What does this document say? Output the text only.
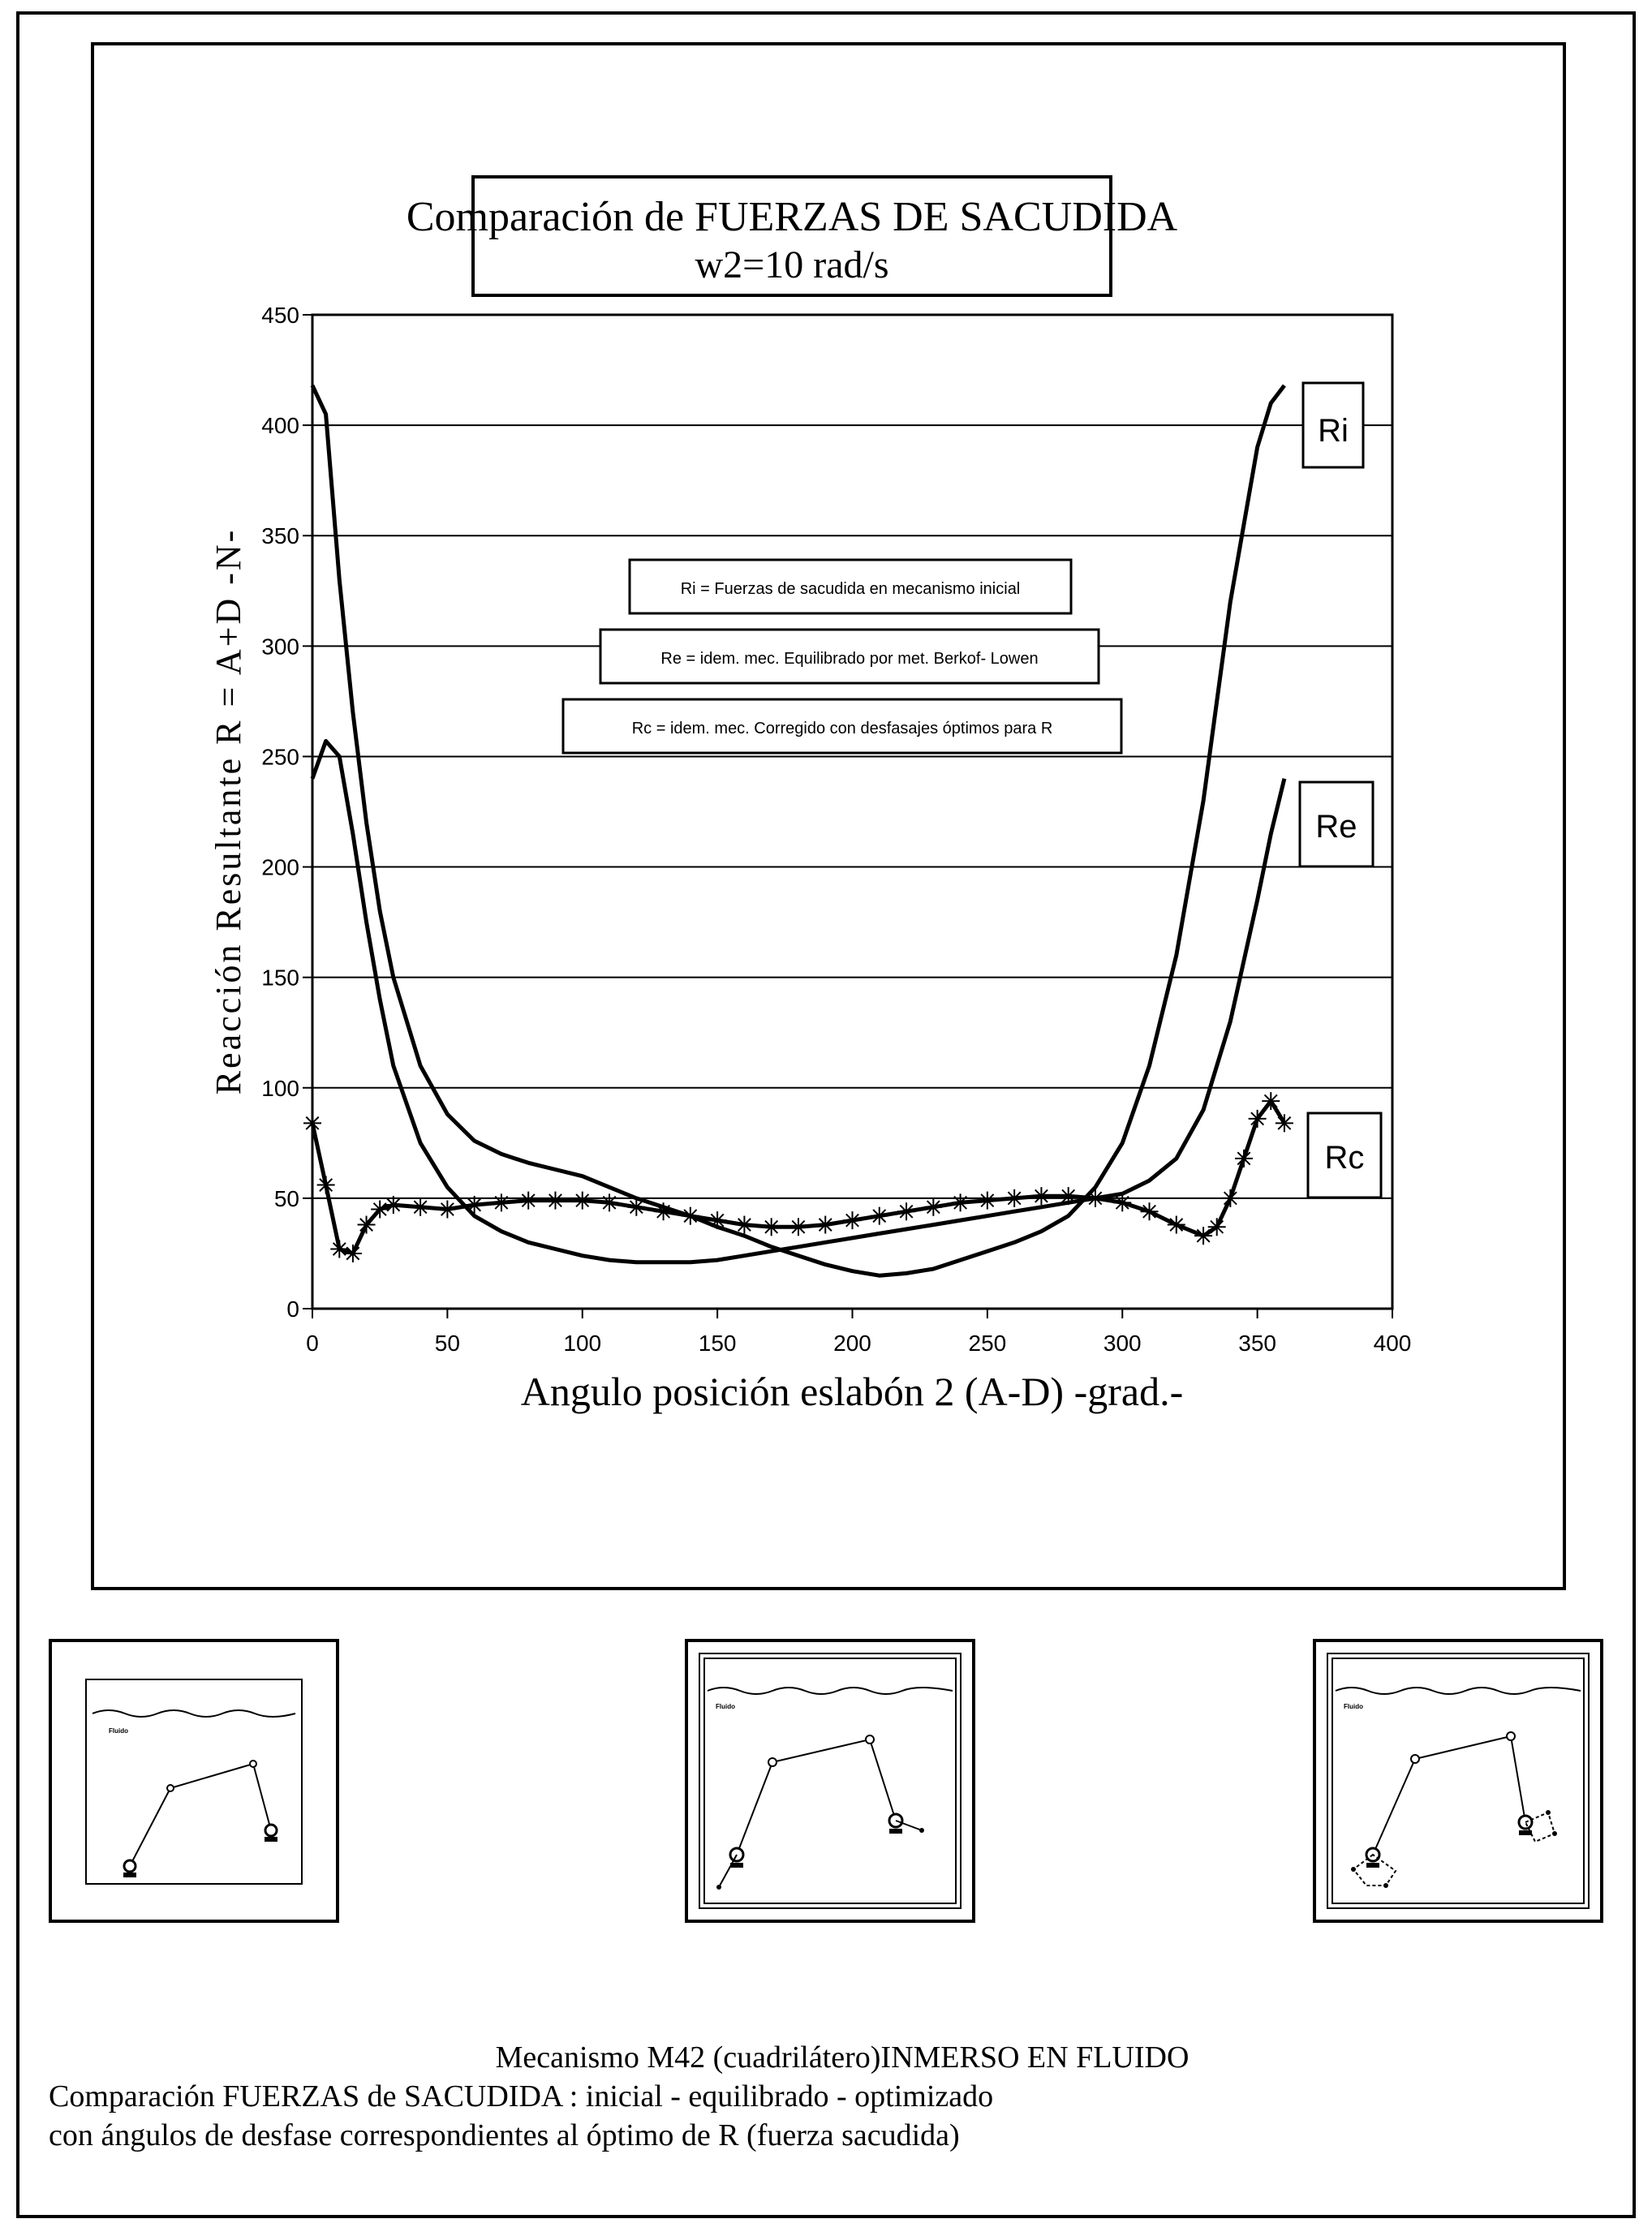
Comparación de FUERZAS DE SACUDIDA
w2=10 rad/s
0
50
100
150
200
250
300
350
400
450
0	50	100	150	200	250	300	350	400
Reacción Resultante R = A+D -N-
Angulo posición eslabón 2 (A-D) -grad.-
Ri = Fuerzas de sacudida en mecanismo inicial
Re = idem. mec. Equilibrado por met. Berkof- Lowen
Rc = idem. mec. Corregido con desfasajes óptimos para R
Ri
Re
Rc
Fluido
Fluido	Fluido
Mecanismo M42 (cuadrilátero)INMERSO EN FLUIDO
Comparación FUERZAS de SACUDIDA : inicial - equilibrado - optimizado
con ángulos de desfase correspondientes al óptimo de R (fuerza sacudida)
